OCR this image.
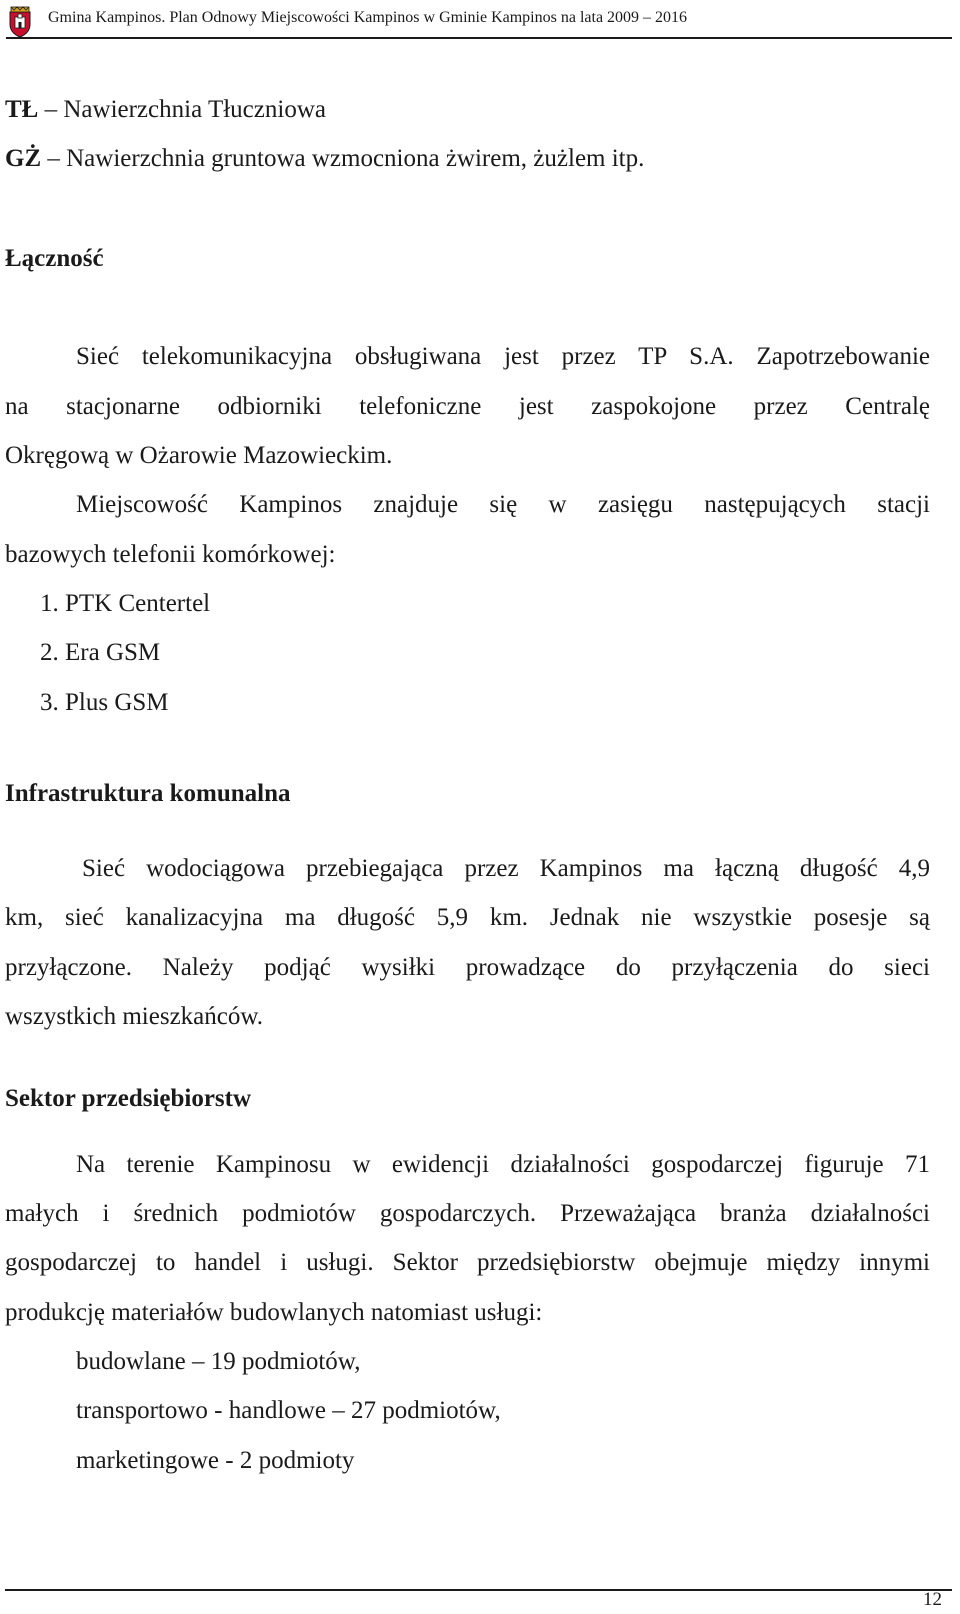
Gmina Kampinos. Plan Odnowy Miejscowości Kampinos w Gminie Kampinos na lata 2009 – 2016
TŁ – Nawierzchnia Tłuczniowa
GŻ – Nawierzchnia gruntowa wzmocniona żwirem, żużlem itp.
Łączność
Sieć telekomunikacyjna obsługiwana jest przez TP S.A. Zapotrzebowanie
na stacjonarne odbiorniki telefoniczne jest zaspokojone przez Centralę
Okręgową w Ożarowie Mazowieckim.
Miejscowość Kampinos znajduje się w zasięgu następujących stacji
bazowych telefonii komórkowej:
1. PTK Centertel
2. Era GSM
3. Plus GSM
Infrastruktura komunalna
Sieć wodociągowa przebiegająca przez Kampinos ma łączną długość 4,9
km, sieć kanalizacyjna ma długość 5,9 km. Jednak nie wszystkie posesje są
przyłączone. Należy podjąć wysiłki prowadzące do przyłączenia do sieci
wszystkich mieszkańców.
Sektor przedsiębiorstw
Na terenie Kampinosu w ewidencji działalności gospodarczej figuruje 71
małych i średnich podmiotów gospodarczych. Przeważająca branża działalności
gospodarczej to handel i usługi. Sektor przedsiębiorstw obejmuje między innymi
produkcję materiałów budowlanych natomiast usługi:
budowlane – 19 podmiotów,
transportowo - handlowe – 27 podmiotów,
marketingowe - 2 podmioty
12
